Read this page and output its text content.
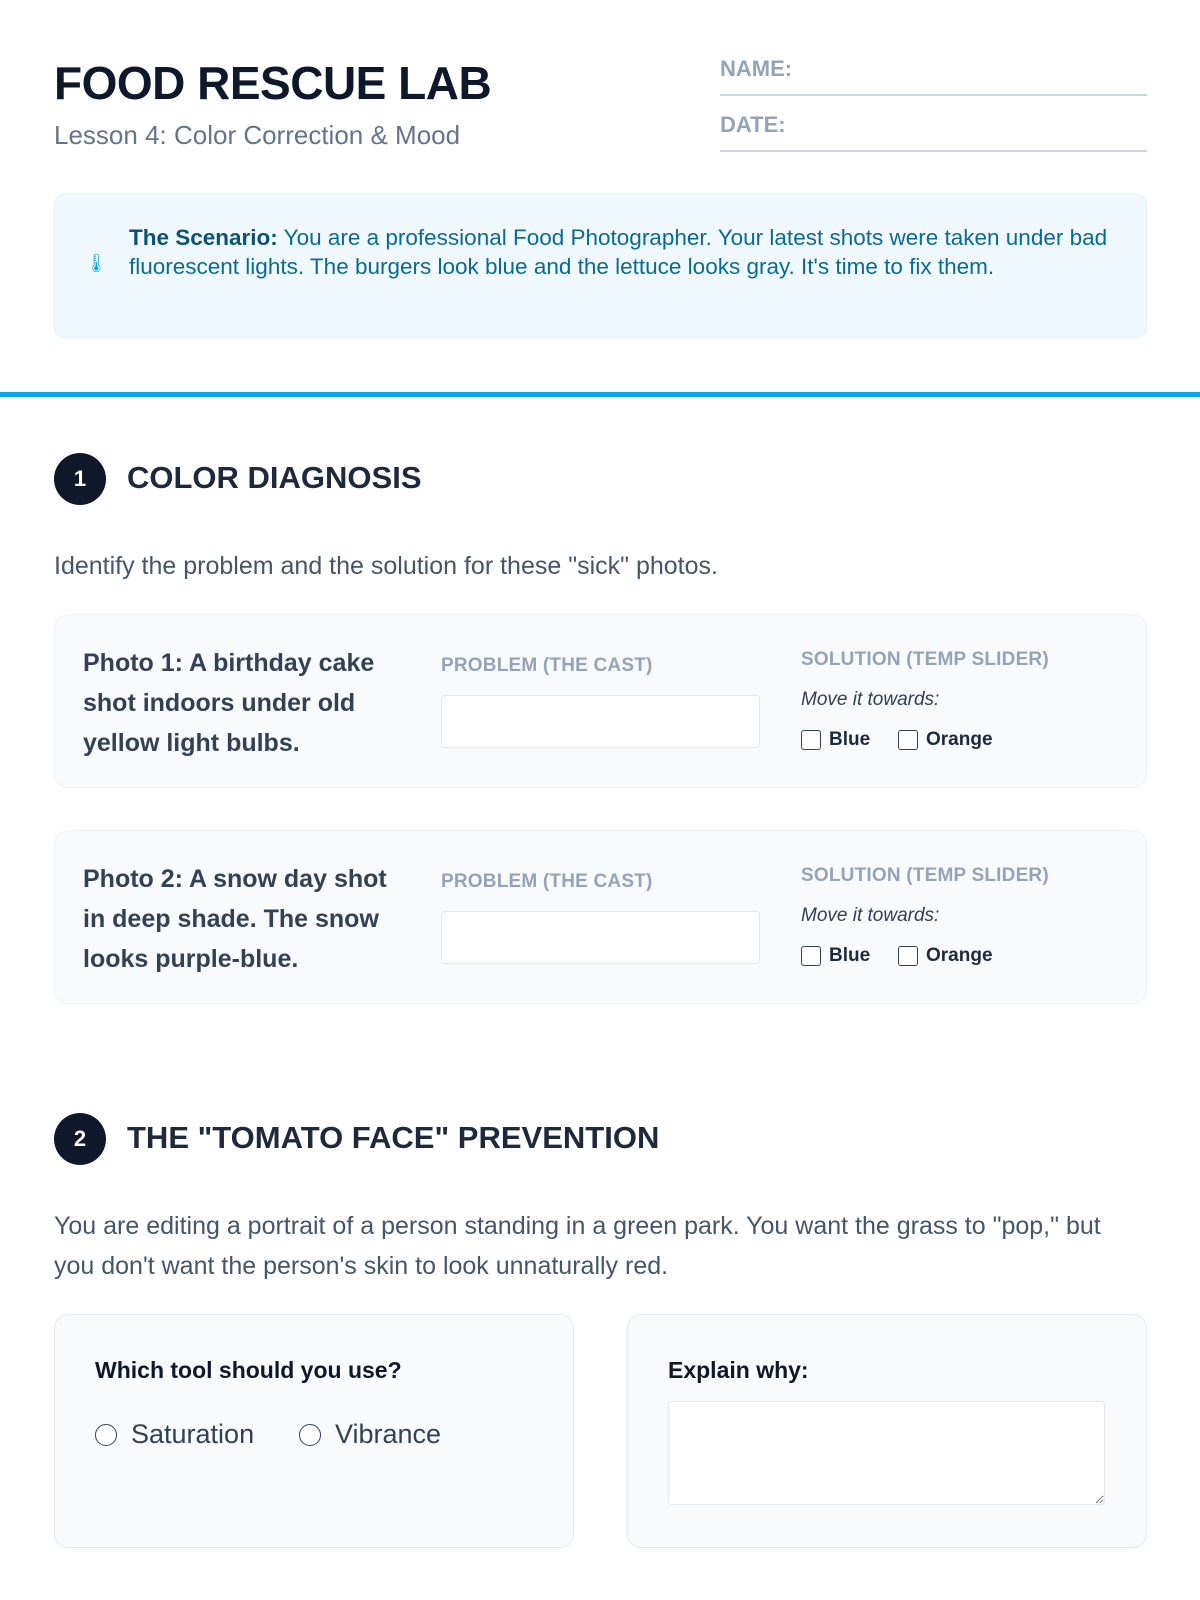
FOOD RESCUE LAB
Lesson 4: Color Correction & Mood
NAME:
DATE:
🌡
The Scenario: You are a professional Food Photographer. Your latest shots were taken under bad fluorescent lights. The burgers look blue and the lettuce looks gray. It's time to fix them.
1	COLOR DIAGNOSIS
Identify the problem and the solution for these "sick" photos.
Photo 1: A birthday cake shot indoors under old yellow light bulbs.
PROBLEM (THE CAST)	SOLUTION (TEMP SLIDER)
Move it towards:
Blue	Orange
Photo 2: A snow day shot in deep shade. The snow looks purple-blue.
PROBLEM (THE CAST)	SOLUTION (TEMP SLIDER)
Move it towards:
Blue	Orange
2	THE "TOMATO FACE" PREVENTION
You are editing a portrait of a person standing in a green park. You want the grass to "pop," but you don't want the person's skin to look unnaturally red.
Which tool should you use?
Saturation	Vibrance
Explain why:
